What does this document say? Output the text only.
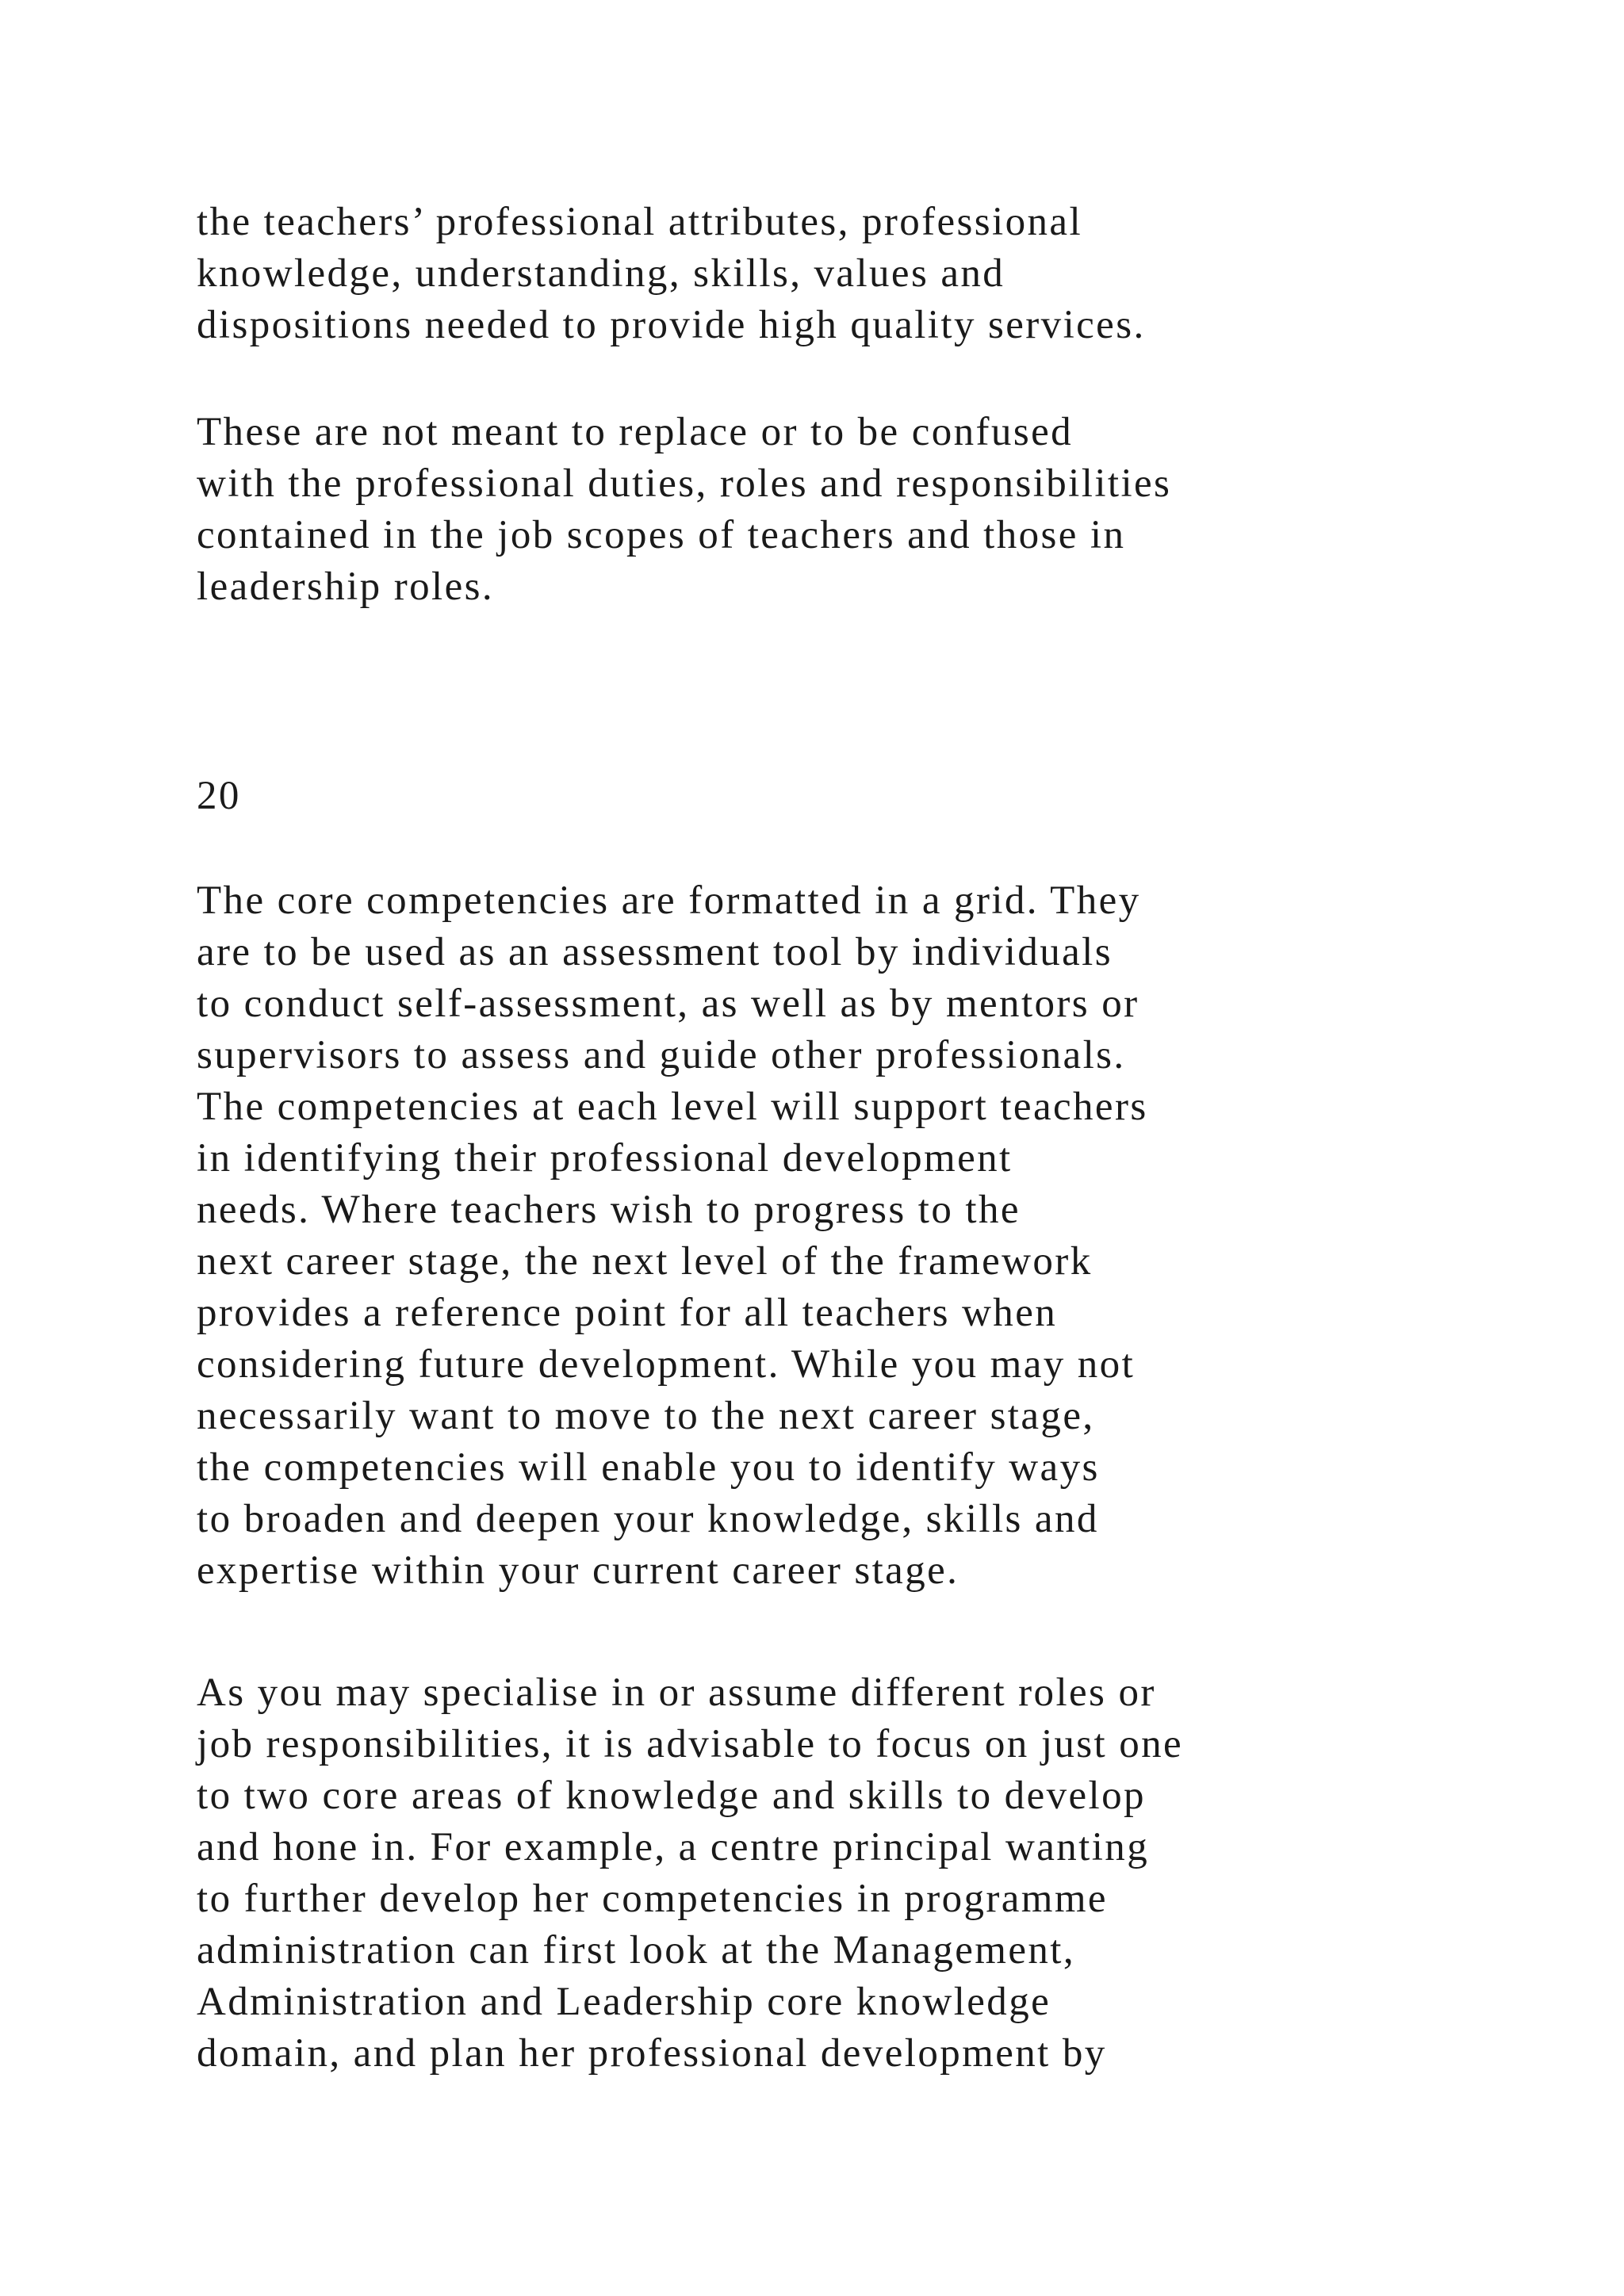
the teachers’ professional attributes, professional
knowledge, understanding, skills, values and
dispositions needed to provide high quality services.
These are not meant to replace or to be confused
with the professional duties, roles and responsibilities
contained in the job scopes of teachers and those in
leadership roles.
20
The core competencies are formatted in a grid. They
are to be used as an assessment tool by individuals
to conduct self-assessment, as well as by mentors or
supervisors to assess and guide other professionals.
The competencies at each level will support teachers
in identifying their professional development
needs. Where teachers wish to progress to the
next career stage, the next level of the framework
provides a reference point for all teachers when
considering future development. While you may not
necessarily want to move to the next career stage,
the competencies will enable you to identify ways
to broaden and deepen your knowledge, skills and
expertise within your current career stage.
As you may specialise in or assume different roles or
job responsibilities, it is advisable to focus on just one
to two core areas of knowledge and skills to develop
and hone in. For example, a centre principal wanting
to further develop her competencies in programme
administration can first look at the Management,
Administration and Leadership core knowledge
domain, and plan her professional development by
